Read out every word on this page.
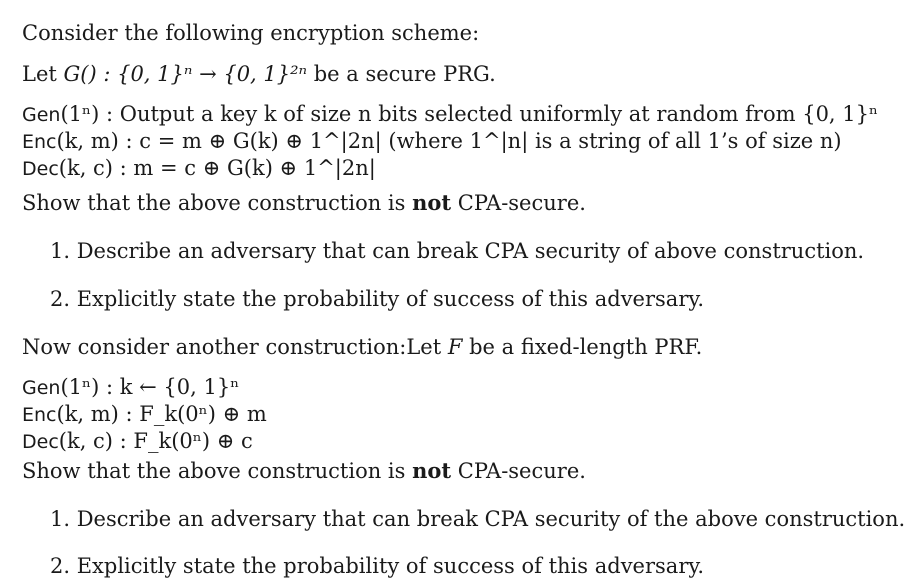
Consider the following encryption scheme:
Let G() : {0, 1}ⁿ → {0, 1}²ⁿ be a secure PRG.
Gen(1ⁿ) : Output a key k of size n bits selected uniformly at random from {0, 1}ⁿ
Enc(k, m) : c = m ⊕ G(k) ⊕ 1^|2n| (where 1^|n| is a string of all 1’s of size n)
Dec(k, c) : m = c ⊕ G(k) ⊕ 1^|2n|
Show that the above construction is not CPA-secure.
1. Describe an adversary that can break CPA security of above construction.
2. Explicitly state the probability of success of this adversary.
Now consider another construction:Let F be a fixed-length PRF.
Gen(1ⁿ) : k ← {0, 1}ⁿ
Enc(k, m) : F_k(0ⁿ) ⊕ m
Dec(k, c) : F_k(0ⁿ) ⊕ c
Show that the above construction is not CPA-secure.
1. Describe an adversary that can break CPA security of the above construction.
2. Explicitly state the probability of success of this adversary.
